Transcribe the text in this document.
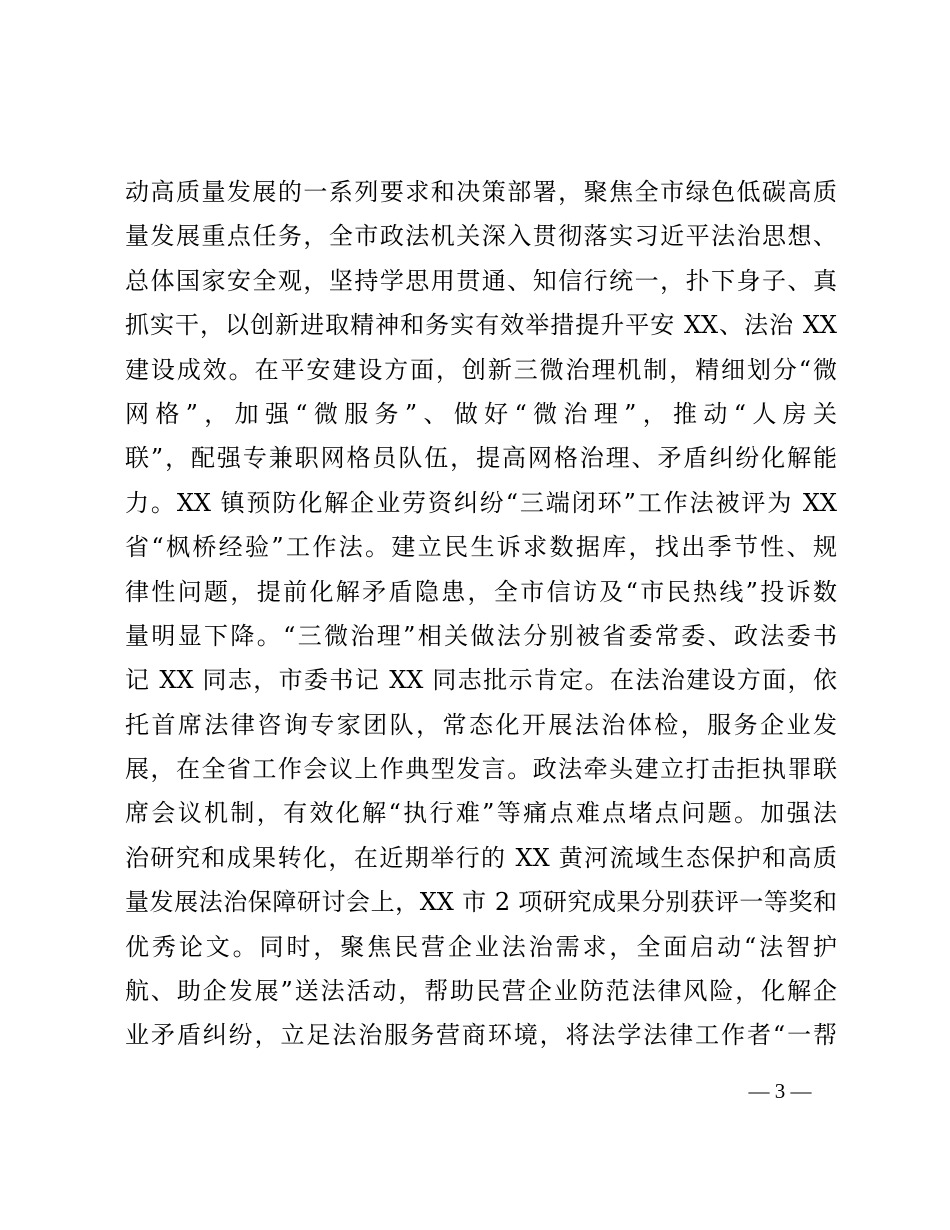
动高质量发展的一系列要求和决策部署，聚焦全市绿色低碳高质
量发展重点任务，全市政法机关深入贯彻落实习近平法治思想、
总体国家安全观，坚持学思用贯通、知信行统一，扑下身子、真
抓实干，以创新进取精神和务实有效举措提升平安 XX、法治 XX
建设成效。在平安建设方面，创新三微治理机制，精细划分“微
网格”，加强“微服务”、做好“微治理”，推动“人房关
联”，配强专兼职网格员队伍，提高网格治理、矛盾纠纷化解能
力。XX 镇预防化解企业劳资纠纷“三端闭环”工作法被评为 XX
省“枫桥经验”工作法。建立民生诉求数据库，找出季节性、规
律性问题，提前化解矛盾隐患，全市信访及“市民热线”投诉数
量明显下降。“三微治理”相关做法分别被省委常委、政法委书
记 XX 同志，市委书记 XX 同志批示肯定。在法治建设方面，依
托首席法律咨询专家团队，常态化开展法治体检，服务企业发
展，在全省工作会议上作典型发言。政法牵头建立打击拒执罪联
席会议机制，有效化解“执行难”等痛点难点堵点问题。加强法
治研究和成果转化，在近期举行的 XX 黄河流域生态保护和高质
量发展法治保障研讨会上，XX 市 2 项研究成果分别获评一等奖和
优秀论文。同时，聚焦民营企业法治需求，全面启动“法智护
航、助企发展”送法活动，帮助民营企业防范法律风险，化解企
业矛盾纠纷，立足法治服务营商环境，将法学法律工作者“一帮
— 3 —
